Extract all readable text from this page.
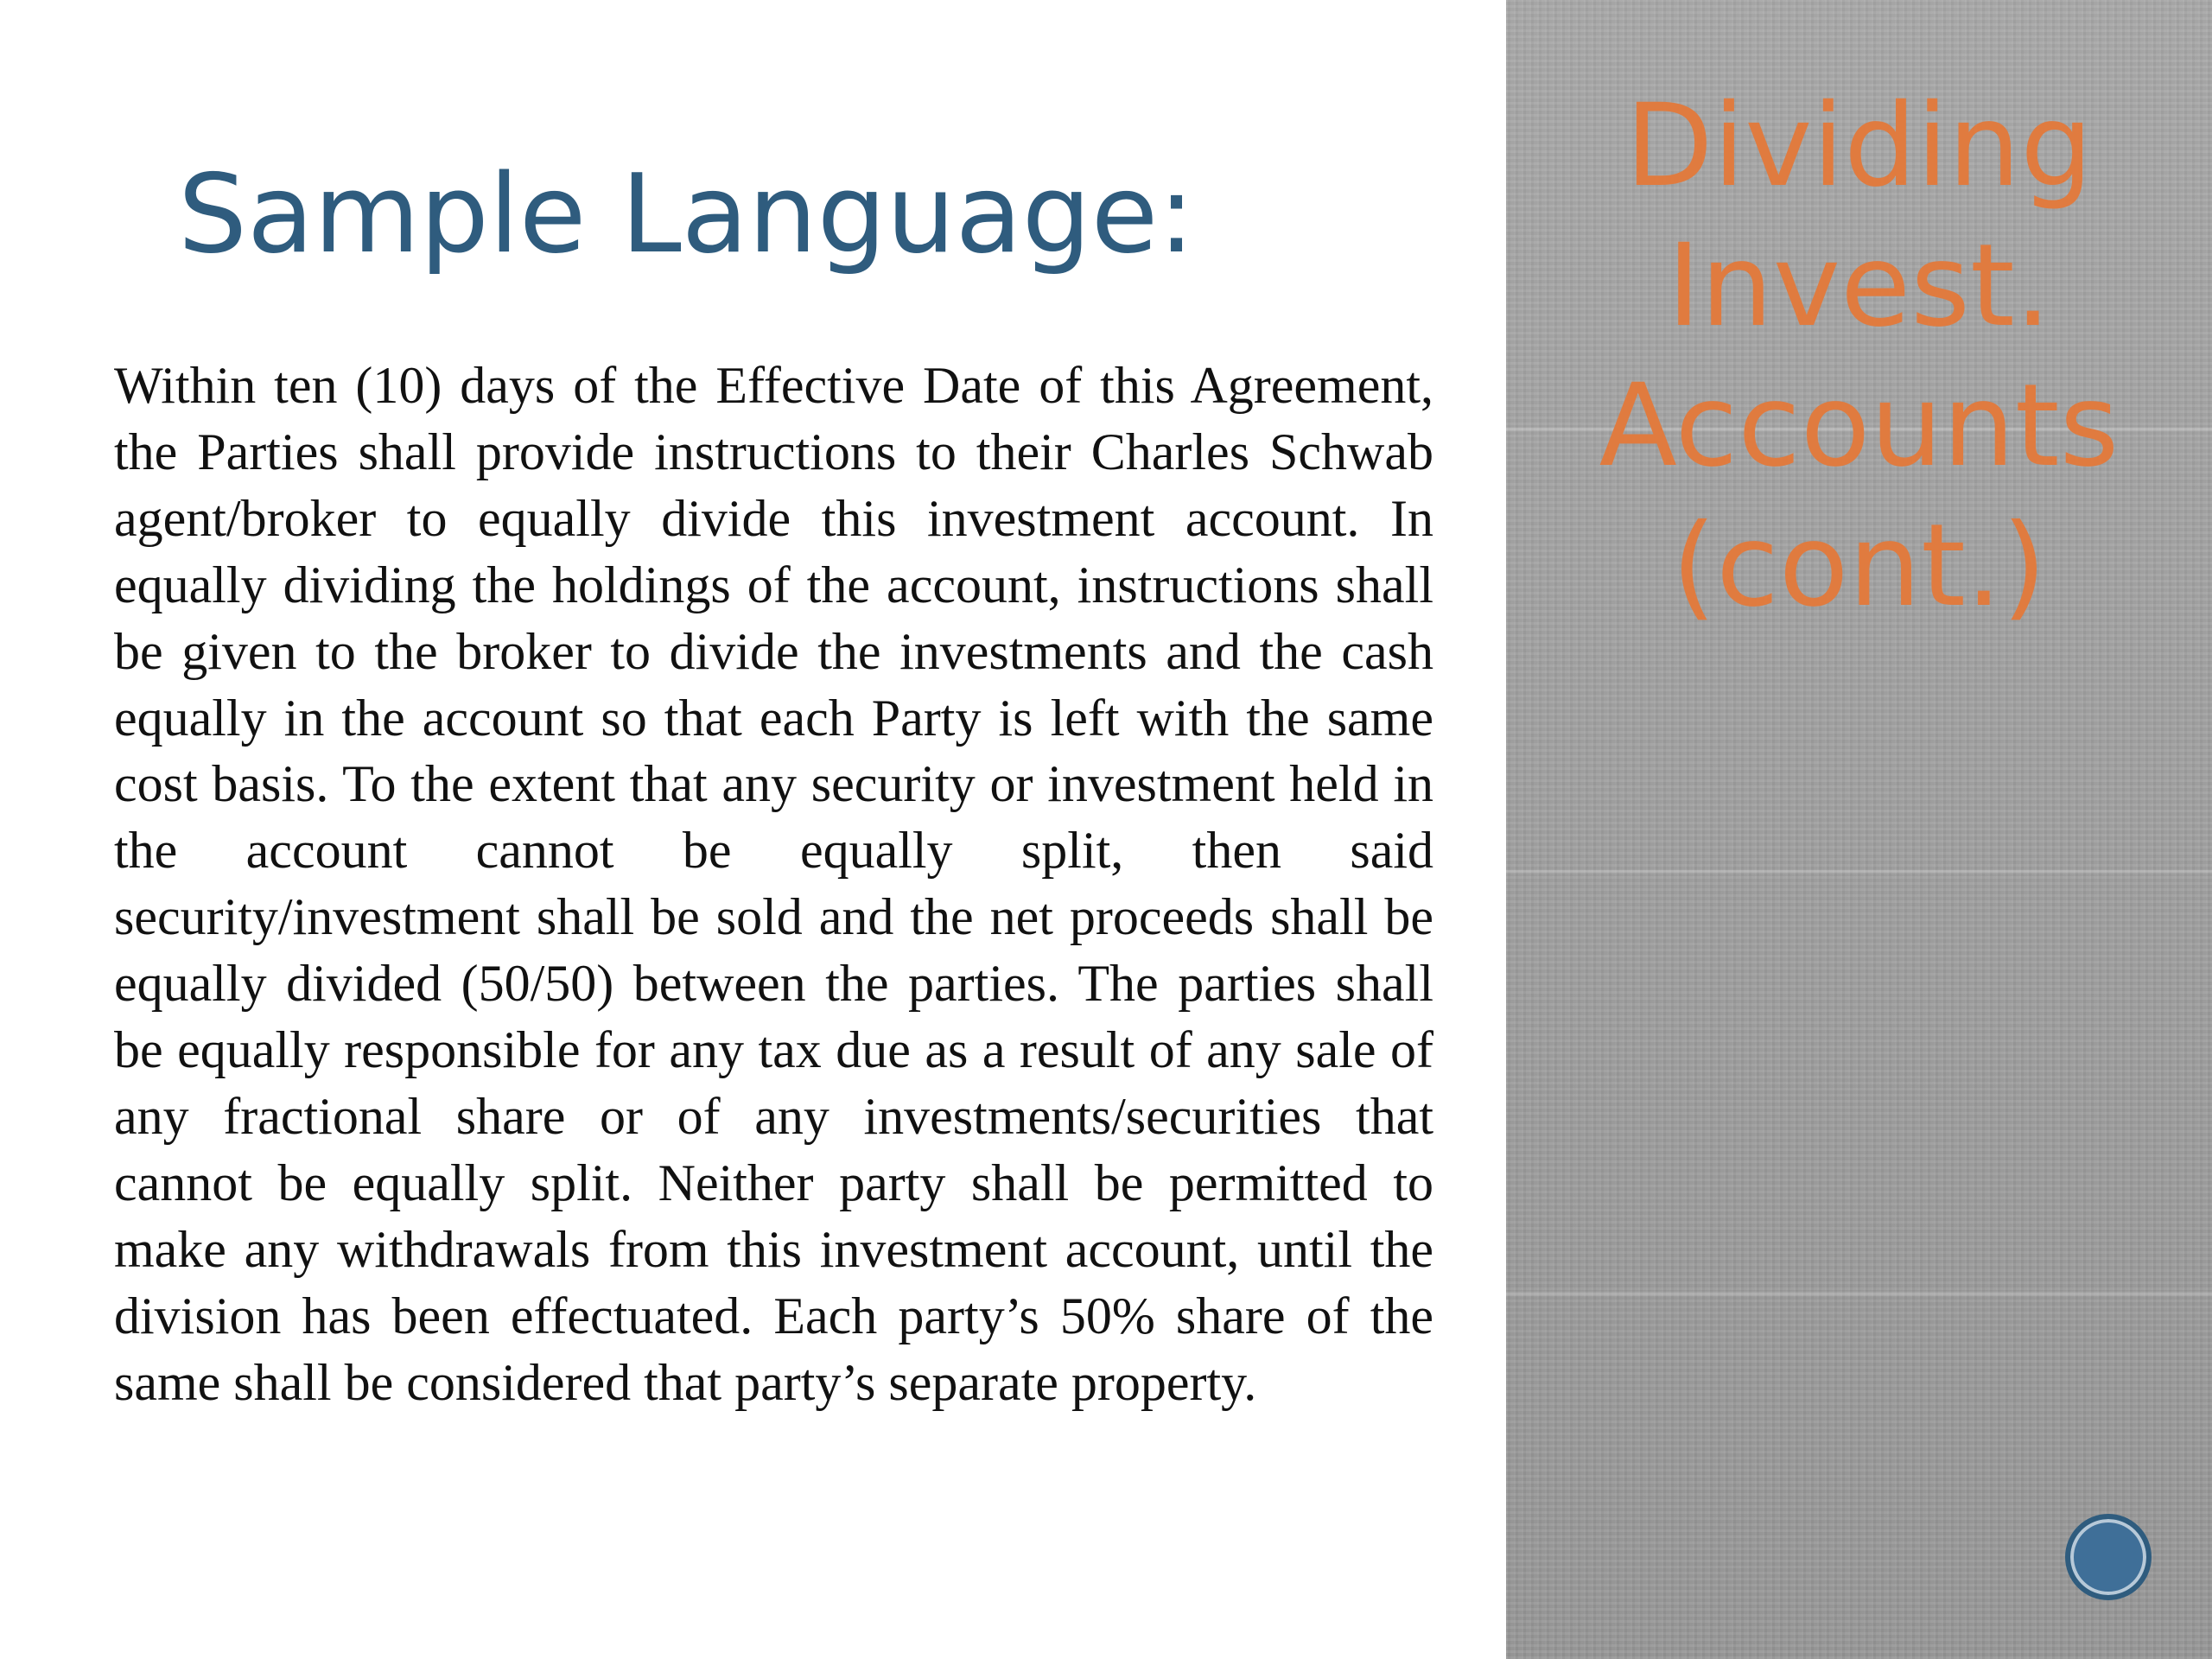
Sample Language:

Within ten (10) days of the Effective Date of this Agreement, the Parties shall provide instructions to their Charles Schwab agent/broker to equally divide this investment account. In equally dividing the holdings of the account, instructions shall be given to the broker to divide the investments and the cash equally in the account so that each Party is left with the same cost basis. To the extent that any security or investment held in the account cannot be equally split, then said security/investment shall be sold and the net proceeds shall be equally divided (50/50) between the parties. The parties shall be equally responsible for any tax due as a result of any sale of any fractional share or of any investments/securities that cannot be equally split. Neither party shall be permitted to make any withdrawals from this investment account, until the division has been effectuated. Each party’s 50% share of the same shall be considered that party’s separate property.

Dividing
Invest.
Accounts
(cont.)
